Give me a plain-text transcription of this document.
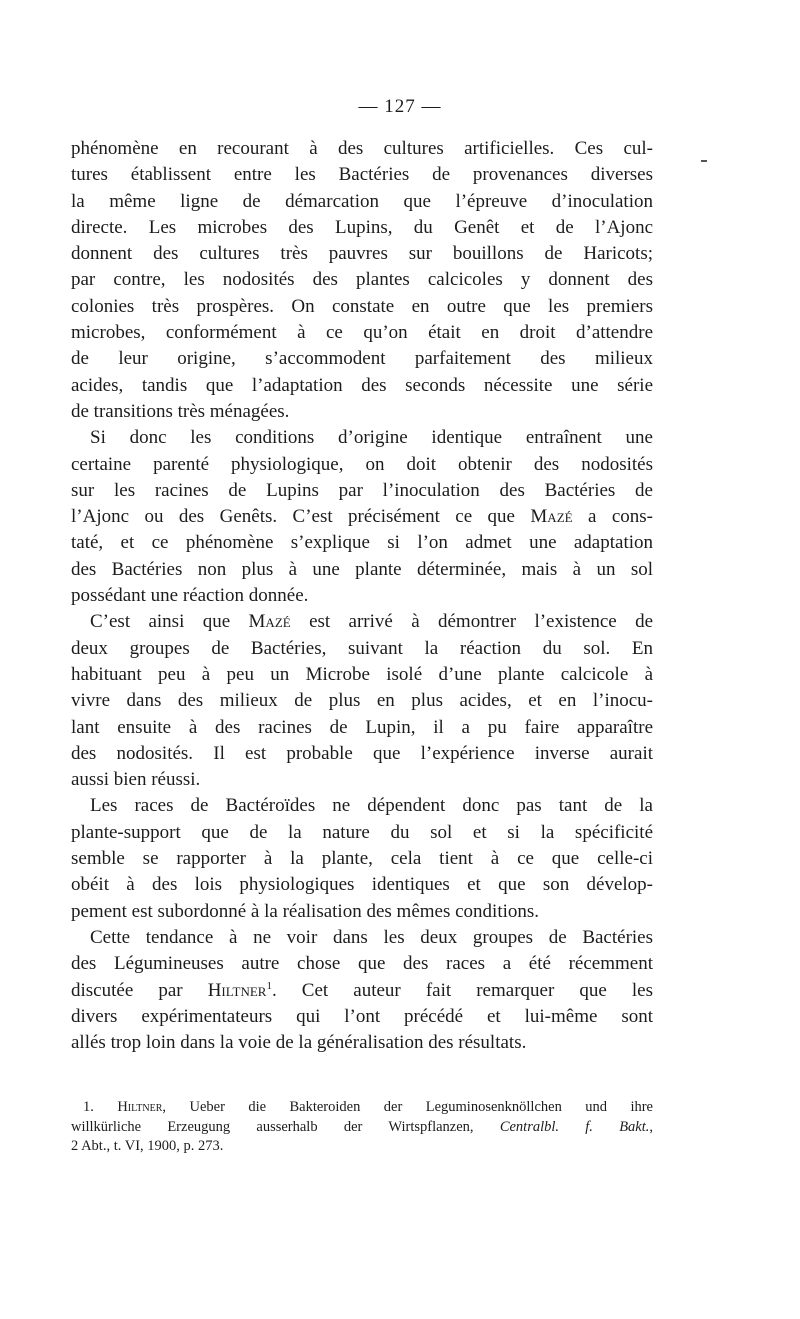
— 127 —
phénomène en recourant à des cultures artificielles. Ces cul-
tures établissent entre les Bactéries de provenances diverses
la même ligne de démarcation que l’épreuve d’inoculation
directe. Les microbes des Lupins, du Genêt et de l’Ajonc
donnent des cultures très pauvres sur bouillons de Haricots;
par contre, les nodosités des plantes calcicoles y donnent des
colonies très prospères. On constate en outre que les premiers
microbes, conformément à ce qu’on était en droit d’attendre
de leur origine, s’accommodent parfaitement des milieux
acides, tandis que l’adaptation des seconds nécessite une série
de transitions très ménagées.
Si donc les conditions d’origine identique entraînent une
certaine parenté physiologique, on doit obtenir des nodosités
sur les racines de Lupins par l’inoculation des Bactéries de
l’Ajonc ou des Genêts. C’est précisément ce que Mazé a cons-
taté, et ce phénomène s’explique si l’on admet une adaptation
des Bactéries non plus à une plante déterminée, mais à un sol
possédant une réaction donnée.
C’est ainsi que Mazé est arrivé à démontrer l’existence de
deux groupes de Bactéries, suivant la réaction du sol. En
habituant peu à peu un Microbe isolé d’une plante calcicole à
vivre dans des milieux de plus en plus acides, et en l’inocu-
lant ensuite à des racines de Lupin, il a pu faire apparaître
des nodosités. Il est probable que l’expérience inverse aurait
aussi bien réussi.
Les races de Bactéroïdes ne dépendent donc pas tant de la
plante-support que de la nature du sol et si la spécificité
semble se rapporter à la plante, cela tient à ce que celle-ci
obéit à des lois physiologiques identiques et que son dévelop-
pement est subordonné à la réalisation des mêmes conditions.
Cette tendance à ne voir dans les deux groupes de Bactéries
des Légumineuses autre chose que des races a été récemment
discutée par Hiltner$^1$. Cet auteur fait remarquer que les
divers expérimentateurs qui l’ont précédé et lui-même sont
allés trop loin dans la voie de la généralisation des résultats.
1. Hiltner, Ueber die Bakteroiden der Leguminosenknöllchen und ihre
willkürliche Erzeugung ausserhalb der Wirtspflanzen, Centralbl. f. Bakt.,
2 Abt., t. VI, 1900, p. 273.
